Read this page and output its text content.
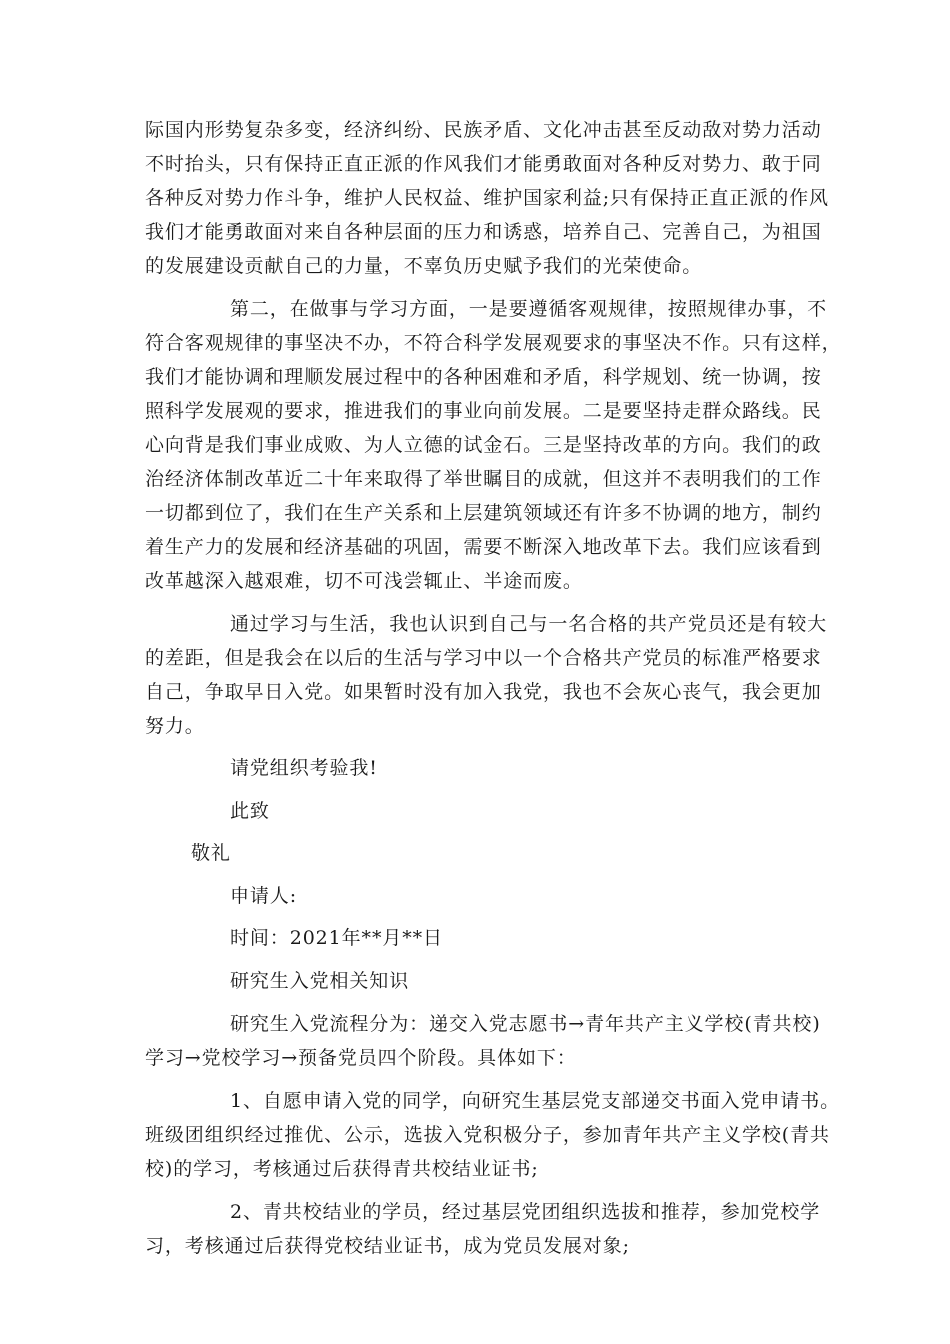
际国内形势复杂多变，经济纠纷、民族矛盾、文化冲击甚至反动敌对势力活动
不时抬头，只有保持正直正派的作风我们才能勇敢面对各种反对势力、敢于同
各种反对势力作斗争，维护人民权益、维护国家利益;只有保持正直正派的作风
我们才能勇敢面对来自各种层面的压力和诱惑，培养自己、完善自己，为祖国
的发展建设贡献自己的力量，不辜负历史赋予我们的光荣使命。
第二，在做事与学习方面，一是要遵循客观规律，按照规律办事，不
符合客观规律的事坚决不办，不符合科学发展观要求的事坚决不作。只有这样，
我们才能协调和理顺发展过程中的各种困难和矛盾，科学规划、统一协调，按
照科学发展观的要求，推进我们的事业向前发展。二是要坚持走群众路线。民
心向背是我们事业成败、为人立德的试金石。三是坚持改革的方向。我们的政
治经济体制改革近二十年来取得了举世瞩目的成就，但这并不表明我们的工作
一切都到位了，我们在生产关系和上层建筑领域还有许多不协调的地方，制约
着生产力的发展和经济基础的巩固，需要不断深入地改革下去。我们应该看到
改革越深入越艰难，切不可浅尝辄止、半途而废。
通过学习与生活，我也认识到自己与一名合格的共产党员还是有较大
的差距，但是我会在以后的生活与学习中以一个合格共产党员的标准严格要求
自己，争取早日入党。如果暂时没有加入我党，我也不会灰心丧气，我会更加
努力。
请党组织考验我!
此致
敬礼
申请人:
时间：2021年**月**日
研究生入党相关知识
研究生入党流程分为：递交入党志愿书→青年共产主义学校(青共校)
学习→党校学习→预备党员四个阶段。具体如下：
1、自愿申请入党的同学，向研究生基层党支部递交书面入党申请书。
班级团组织经过推优、公示，选拔入党积极分子，参加青年共产主义学校(青共
校)的学习，考核通过后获得青共校结业证书;
2、青共校结业的学员，经过基层党团组织选拔和推荐，参加党校学
习，考核通过后获得党校结业证书，成为党员发展对象;
